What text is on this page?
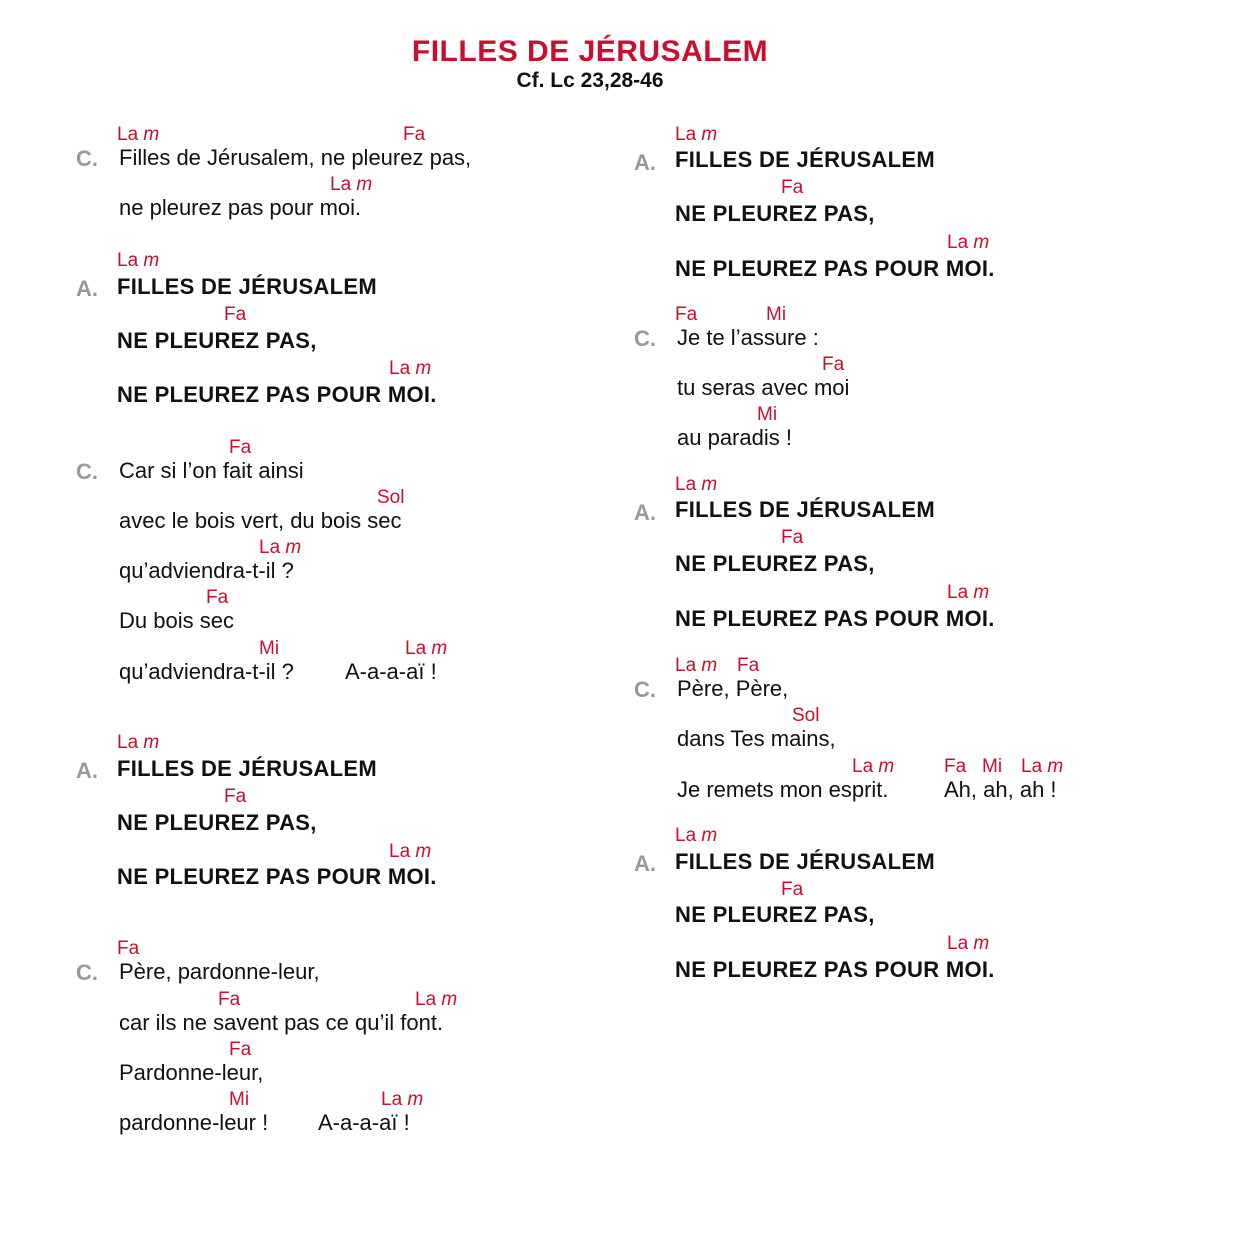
FILLES DE JÉRUSALEM
Cf. Lc 23,28-46
La m	Fa
C. Filles de Jérusalem, ne pleurez pas,
La m
ne pleurez pas pour moi.
La m
A. FILLES DE JÉRUSALEM
Fa
NE PLEUREZ PAS,
La m
NE PLEUREZ PAS POUR MOI.
Fa
C. Car si l’on fait ainsi
Sol
avec le bois vert, du bois sec
La m
qu’adviendra-t-il ?
Fa
Du bois sec
Mi	La m
qu’adviendra-t-il ? A-a-a-aï !
La m
A. FILLES DE JÉRUSALEM
Fa
NE PLEUREZ PAS,
La m
NE PLEUREZ PAS POUR MOI.
Fa
C. Père, pardonne-leur,
Fa	La m
car ils ne savent pas ce qu’il font.
Fa
Pardonne-leur,
Mi	La m
pardonne-leur ! A-a-a-aï !
La m
A. FILLES DE JÉRUSALEM
Fa
NE PLEUREZ PAS,
La m
NE PLEUREZ PAS POUR MOI.
Fa	Mi
C. Je te l’assure :
Fa
tu seras avec moi
Mi
au paradis !
La m
A. FILLES DE JÉRUSALEM
Fa
NE PLEUREZ PAS,
La m
NE PLEUREZ PAS POUR MOI.
La m Fa
C. Père, Père,
Sol
dans Tes mains,
La m	Fa Mi La m
Je remets mon esprit.	Ah, ah, ah !
La m
A. FILLES DE JÉRUSALEM
Fa
NE PLEUREZ PAS,
La m
NE PLEUREZ PAS POUR MOI.
